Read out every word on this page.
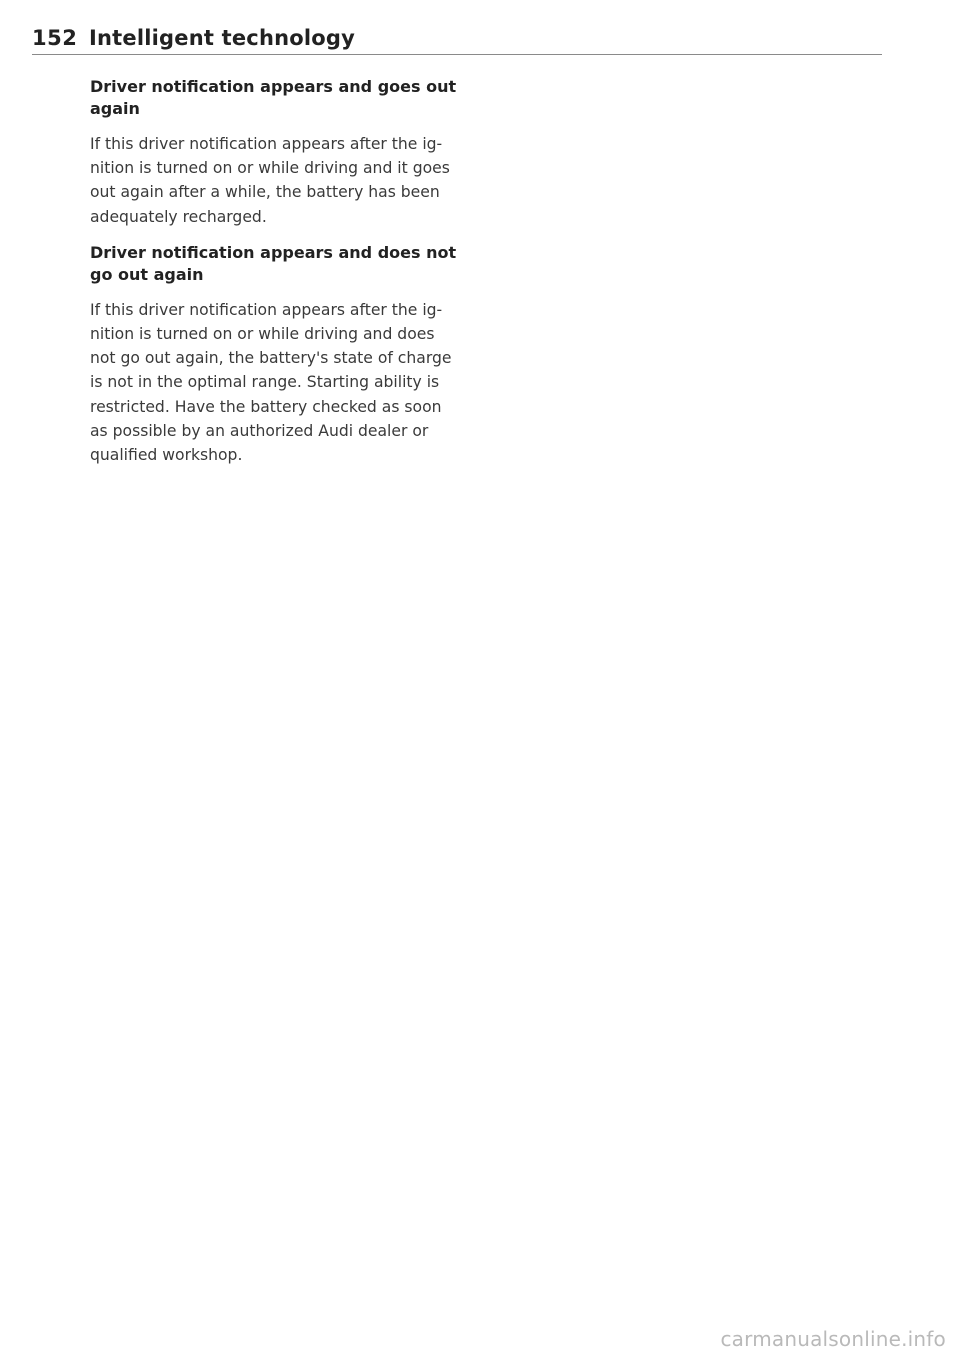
152 Intelligent technology
Driver notification appears and goes out
again

If this driver notification appears after the ig-
nition is turned on or while driving and it goes
out again after a while, the battery has been
adequately recharged.

Driver notification appears and does not
go out again

If this driver notification appears after the ig-
nition is turned on or while driving and does
not go out again, the battery's state of charge
is not in the optimal range. Starting ability is
restricted. Have the battery checked as soon
as possible by an authorized Audi dealer or
qualified workshop.

carmanualsonline.info
